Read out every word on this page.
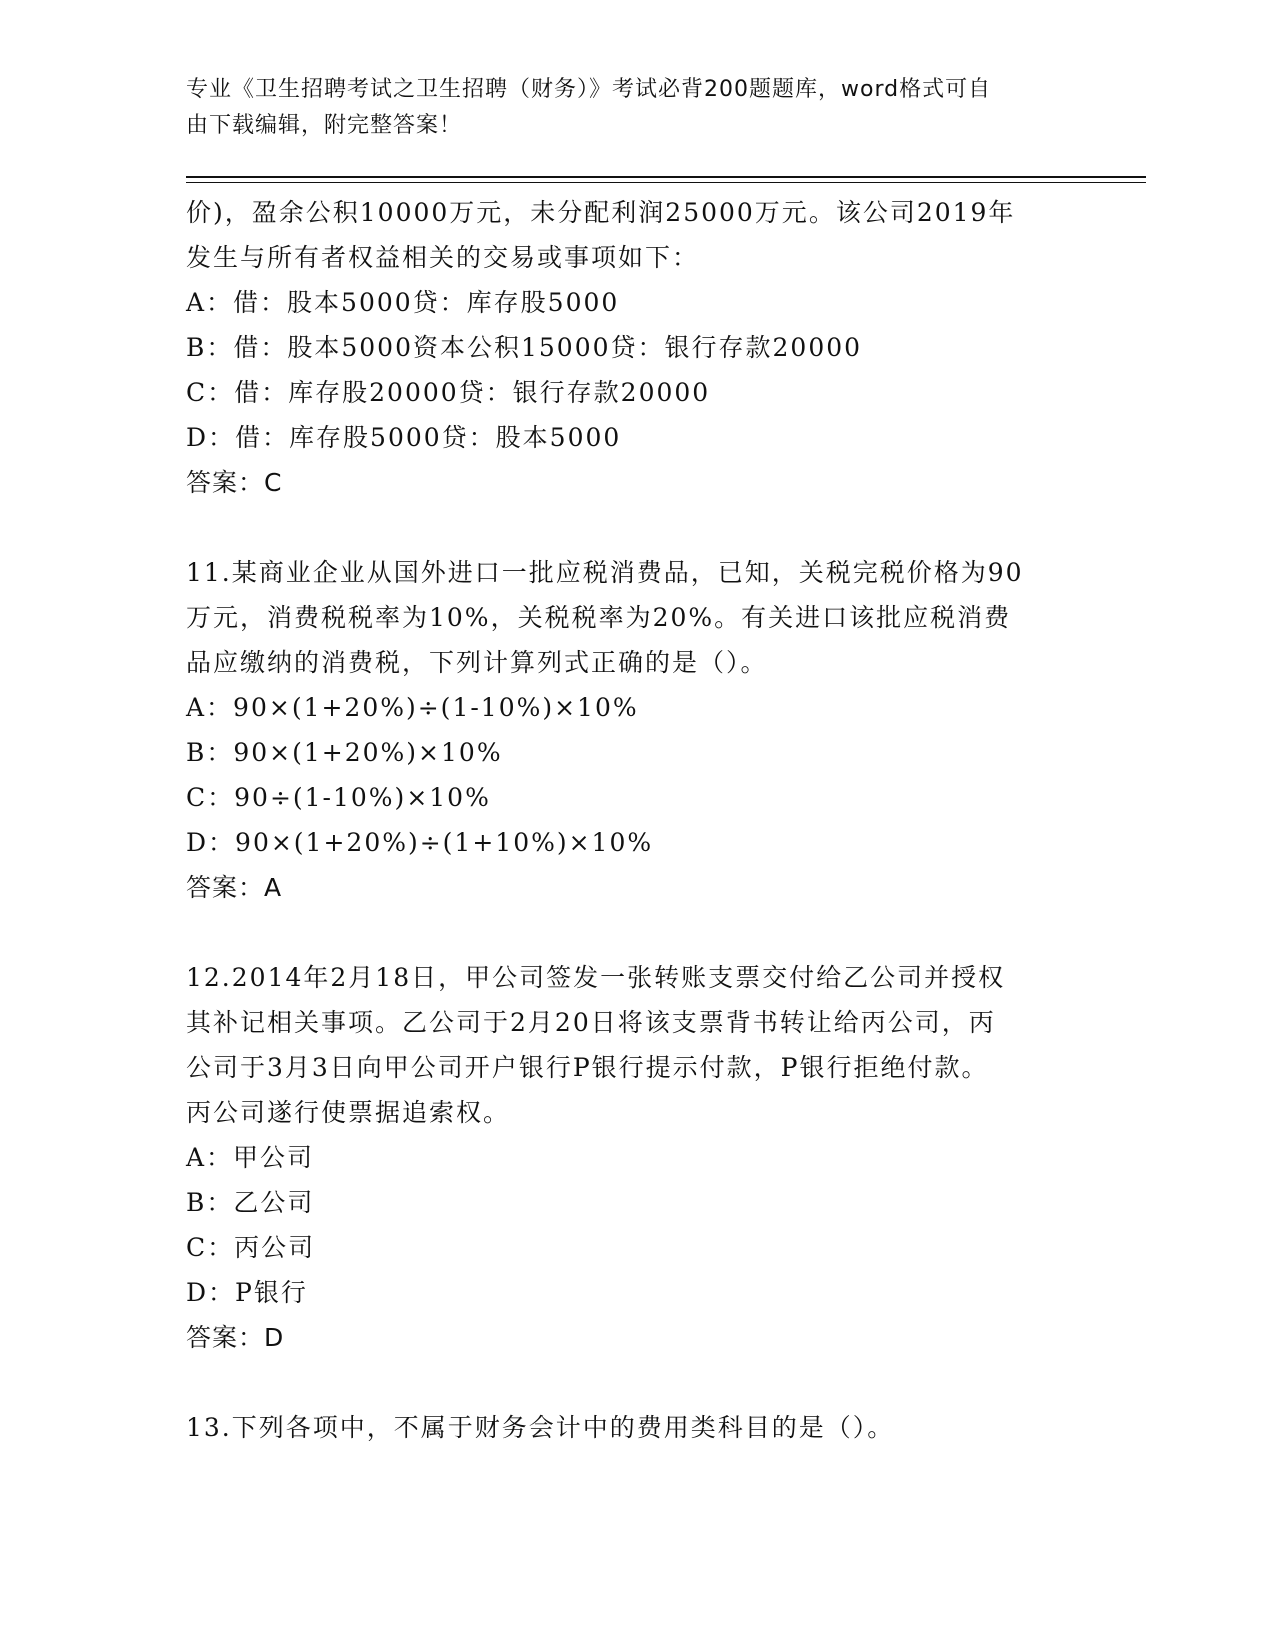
专业《卫生招聘考试之卫生招聘（财务）》考试必背200题题库，word格式可自
由下载编辑，附完整答案！
价)，盈余公积10000万元，未分配利润25000万元。该公司2019年
发生与所有者权益相关的交易或事项如下：
A：借：股本5000贷：库存股5000
B：借：股本5000资本公积15000贷：银行存款20000
C：借：库存股20000贷：银行存款20000
D：借：库存股5000贷：股本5000
答案：C
11.某商业企业从国外进口一批应税消费品，已知，关税完税价格为90
万元，消费税税率为10%，关税税率为20%。有关进口该批应税消费
品应缴纳的消费税，下列计算列式正确的是（）。
A：90×(1+20%)÷(1-10%)×10%
B：90×(1+20%)×10%
C：90÷(1-10%)×10%
D：90×(1+20%)÷(1+10%)×10%
答案：A
12.2014年2月18日，甲公司签发一张转账支票交付给乙公司并授权
其补记相关事项。乙公司于2月20日将该支票背书转让给丙公司，丙
公司于3月3日向甲公司开户银行P银行提示付款，P银行拒绝付款。
丙公司遂行使票据追索权。
A：甲公司
B：乙公司
C：丙公司
D：P银行
答案：D
13.下列各项中，不属于财务会计中的费用类科目的是（）。
